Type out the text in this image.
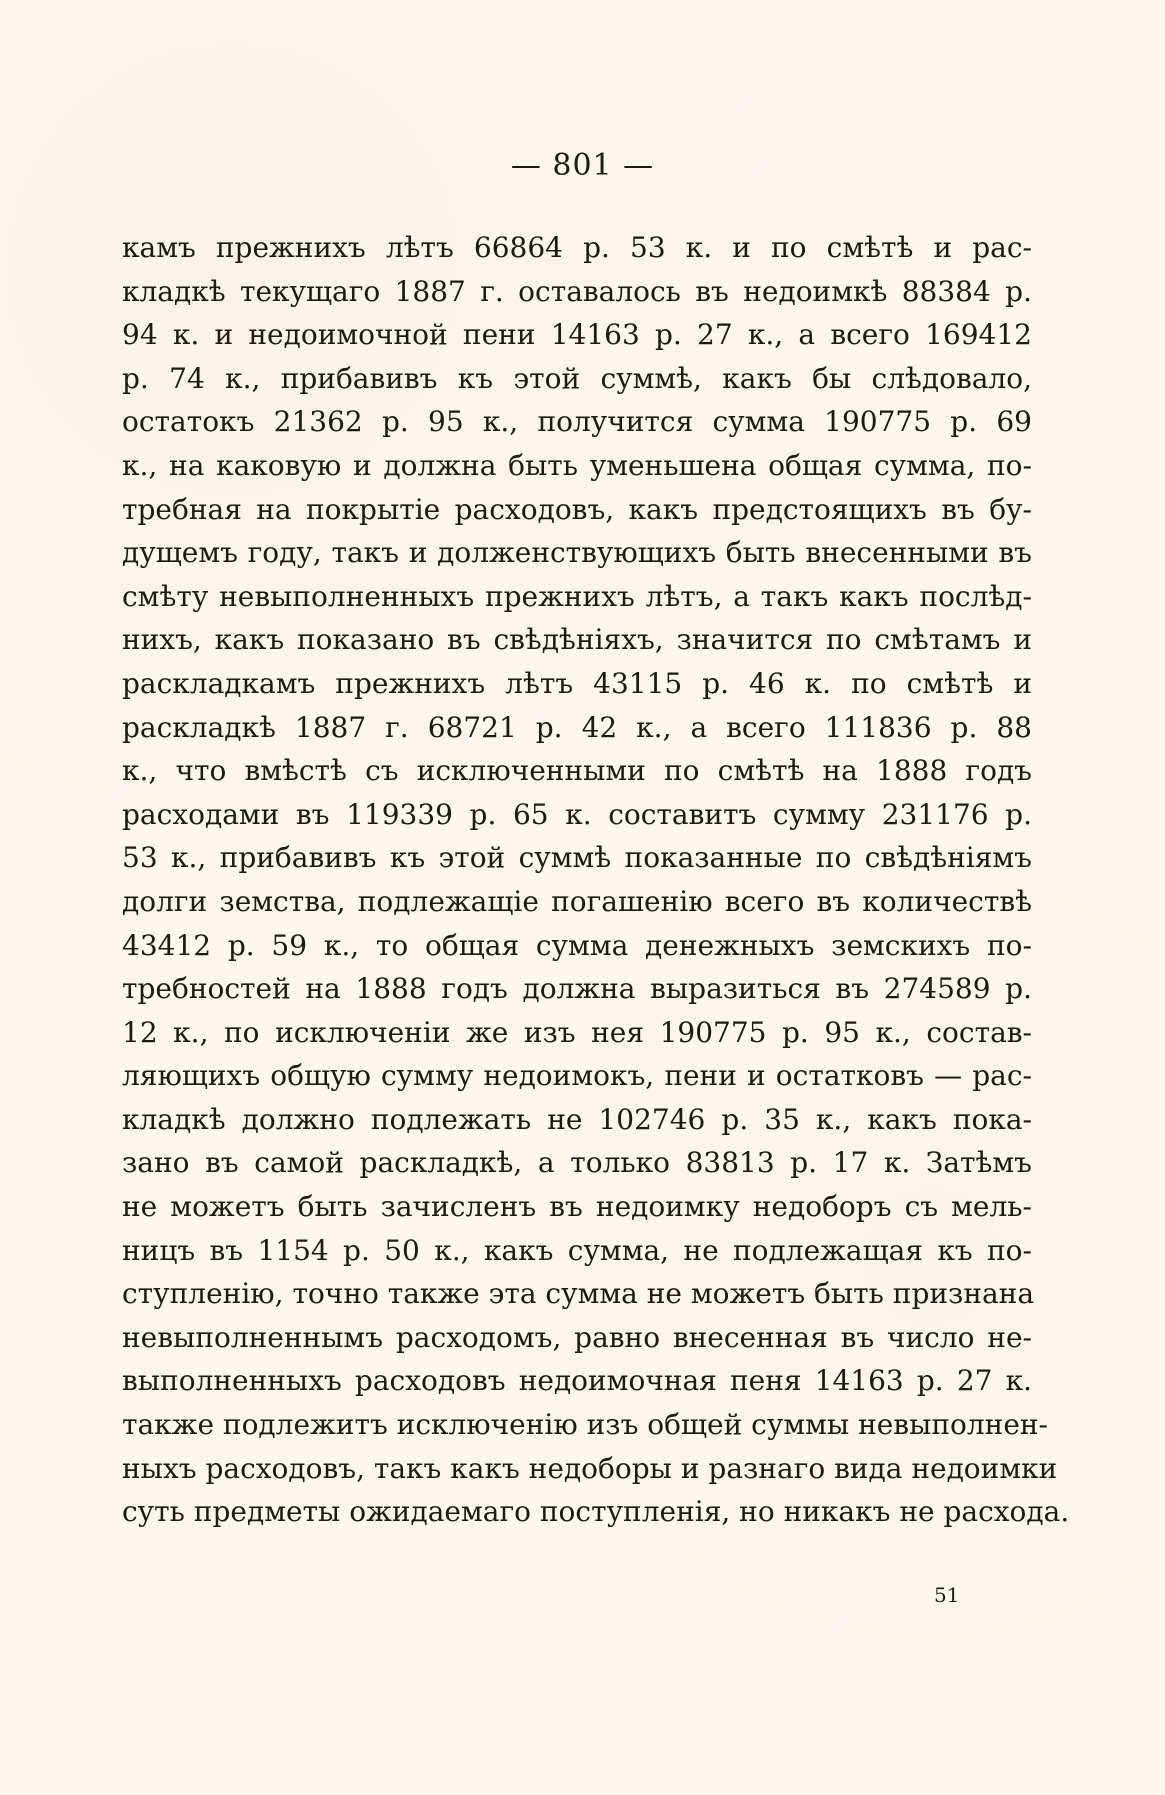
— 801 —
камъ прежнихъ лѣтъ 66864 р. 53 к. и по смѣтѣ и рас-
кладкѣ текущаго 1887 г. оставалось въ недоимкѣ 88384 р.
94 к. и недоимочной пени 14163 р. 27 к., а всего 169412
р. 74 к., прибавивъ къ этой суммѣ, какъ бы слѣдовало,
остатокъ 21362 р. 95 к., получится сумма 190775 р. 69
к., на каковую и должна быть уменьшена общая сумма, по-
требная на покрытіе расходовъ, какъ предстоящихъ въ бу-
дущемъ году, такъ и долженствующихъ быть внесенными въ
смѣту невыполненныхъ прежнихъ лѣтъ, а такъ какъ послѣд-
нихъ, какъ показано въ свѣдѣніяхъ, значится по смѣтамъ и
раскладкамъ прежнихъ лѣтъ 43115 р. 46 к. по смѣтѣ и
раскладкѣ 1887 г. 68721 р. 42 к., а всего 111836 р. 88
к., что вмѣстѣ съ исключенными по смѣтѣ на 1888 годъ
расходами въ 119339 р. 65 к. составитъ сумму 231176 р.
53 к., прибавивъ къ этой суммѣ показанные по свѣдѣніямъ
долги земства, подлежащіе погашенію всего въ количествѣ
43412 р. 59 к., то общая сумма денежныхъ земскихъ по-
требностей на 1888 годъ должна выразиться въ 274589 р.
12 к., по исключеніи же изъ нея 190775 р. 95 к., состав-
ляющихъ общую сумму недоимокъ, пени и остатковъ — рас-
кладкѣ должно подлежать не 102746 р. 35 к., какъ пока-
зано въ самой раскладкѣ, а только 83813 р. 17 к. Затѣмъ
не можетъ быть зачисленъ въ недоимку недоборъ съ мель-
ницъ въ 1154 р. 50 к., какъ сумма, не подлежащая къ по-
ступленію, точно также эта сумма не можетъ быть признана
невыполненнымъ расходомъ, равно внесенная въ число не-
выполненныхъ расходовъ недоимочная пеня 14163 р. 27 к.
также подлежитъ исключенію изъ общей суммы невыполнен-
ныхъ расходовъ, такъ какъ недоборы и разнаго вида недоимки
суть предметы ожидаемаго поступленія, но никакъ не расхода.
51
